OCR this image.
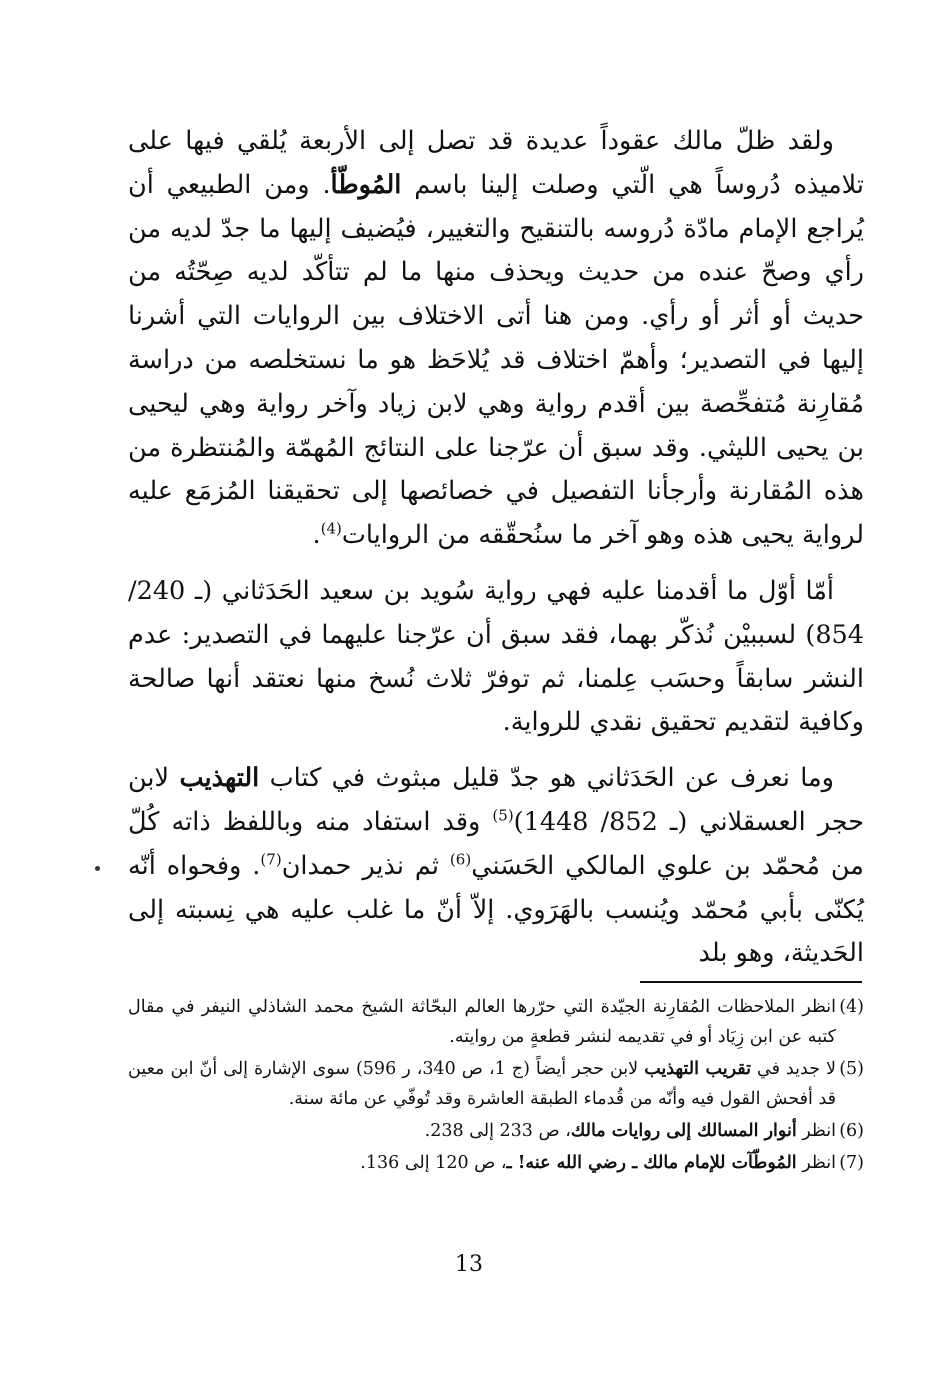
ولقد ظلّ مالك عقوداً عديدة قد تصل إلى الأربعة يُلقي فيها على تلاميذه دُروساً هي الّتي وصلت إلينا باسم المُوطّأ. ومن الطبيعي أن يُراجع الإمام مادّة دُروسه بالتنقيح والتغيير، فيُضيف إليها ما جدّ لديه من رأي وصحّ عنده من حديث ويحذف منها ما لم تتأكّد لديه صِحّتُه من حديث أو أثر أو رأي. ومن هنا أتى الاختلاف بين الروايات التي أشرنا إليها في التصدير؛ وأهمّ اختلاف قد يُلاحَظ هو ما نستخلصه من دراسة مُقارِنة مُتفحِّصة بين أقدم رواية وهي لابن زياد وآخر رواية وهي ليحيى بن يحيى الليثي. وقد سبق أن عرّجنا على النتائج المُهمّة والمُنتظرة من هذه المُقارنة وأرجأنا التفصيل في خصائصها إلى تحقيقنا المُزمَع عليه لرواية يحيى هذه وهو آخر ما سنُحقّقه من الروايات$^{(4)}$.

أمّا أوّل ما أقدمنا عليه فهي رواية سُويد بن سعيد الحَدَثاني (ـ 240/ 854) لسببيْن نُذكّر بهما، فقد سبق أن عرّجنا عليهما في التصدير: عدم النشر سابقاً وحسَب عِلمنا، ثم توفرّ ثلاث نُسخ منها نعتقد أنها صالحة وكافية لتقديم تحقيق نقدي للرواية.

وما نعرف عن الحَدَثاني هو جدّ قليل مبثوث في كتاب التهذيب لابن حجر العسقلاني (ـ 852/ 1448)$^{(5)}$ وقد استفاد منه وباللفظ ذاته كُلّ من مُحمّد بن علوي المالكي الحَسَني$^{(6)}$ ثم نذير حمدان$^{(7)}$. وفحواه أنّه يُكنّى بأبي مُحمّد ويُنسب بالهَرَوي. إلاّ أنّ ما غلب عليه هي نِسبته إلى الحَديثة، وهو بلد

(4)
انظر الملاحظات المُقارِنة الجيّدة التي حرّرها العالم البحّاثة الشيخ محمد الشاذلي النيفر في مقال كتبه عن ابن زِيَاد أو في تقديمه لنشر قطعةٍ من روايته.

(5)
لا جديد في تقريب التهذيب لابن حجر أيضاً (ج 1، ص 340، ر 596) سوى الإشارة إلى أنّ ابن معين قد أفحش القول فيه وأنّه من قُدماء الطبقة العاشرة وقد تُوفّي عن مائة سنة.

(6)
انظر أنوار المسالك إلى روايات مالك، ص 233 إلى 238.

(7)
انظر المُوطّآت للإمام مالك ـ رضي الله عنه! ـ، ص 120 إلى 136.

13
